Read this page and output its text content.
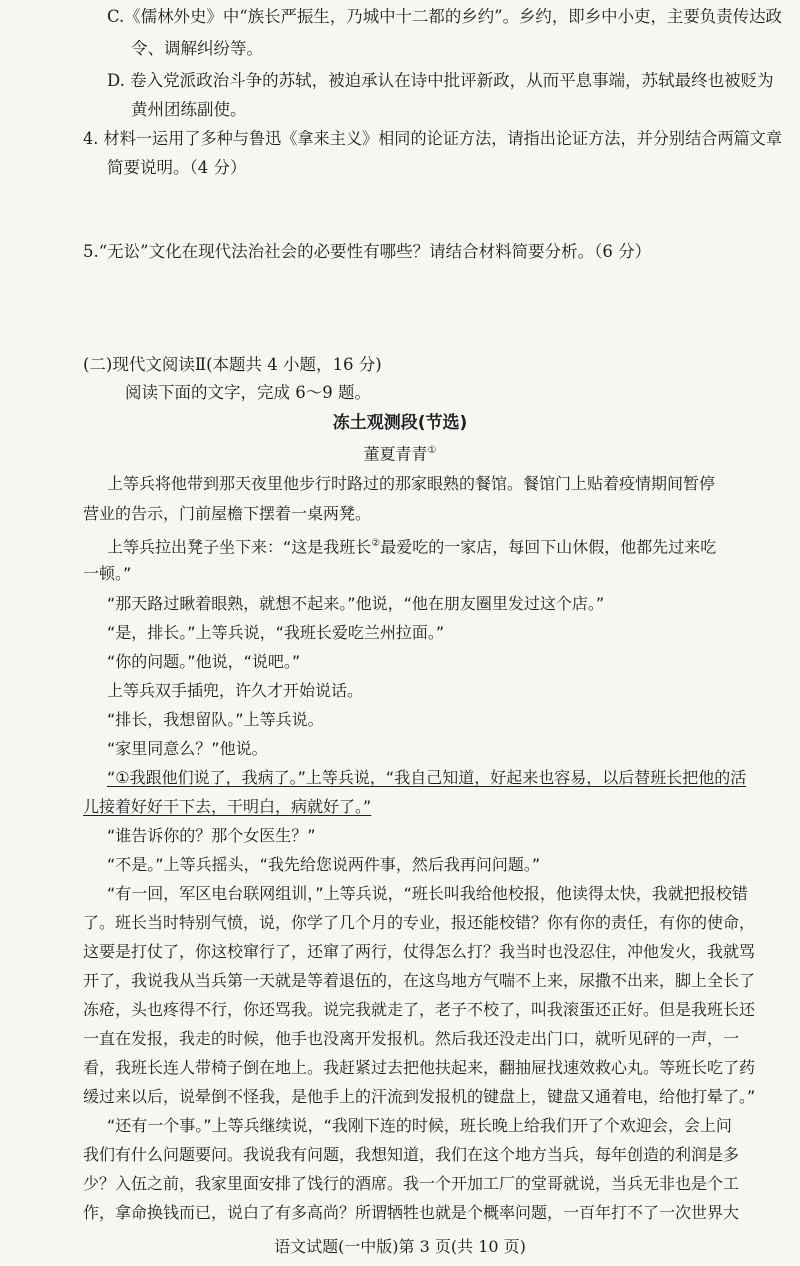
C.《儒林外史》中“族长严振生，乃城中十二都的乡约”。乡约，即乡中小吏，主要负责传达政
令、调解纠纷等。
D. 卷入党派政治斗争的苏轼，被迫承认在诗中批评新政，从而平息事端，苏轼最终也被贬为
黄州团练副使。
4. 材料一运用了多种与鲁迅《拿来主义》相同的论证方法，请指出论证方法，并分别结合两篇文章
简要说明。（4 分）
5.“无讼”文化在现代法治社会的必要性有哪些？请结合材料简要分析。（6 分）
(二)现代文阅读Ⅱ(本题共 4 小题，16 分)
阅读下面的文字，完成 6～9 题。
冻土观测段(节选)
董夏青青①
上等兵将他带到那天夜里他步行时路过的那家眼熟的餐馆。餐馆门上贴着疫情期间暂停
营业的告示，门前屋檐下摆着一桌两凳。
上等兵拉出凳子坐下来：“这是我班长②最爱吃的一家店，每回下山休假，他都先过来吃
一顿。”
“那天路过瞅着眼熟，就想不起来。”他说，“他在朋友圈里发过这个店。”
“是，排长。”上等兵说，“我班长爱吃兰州拉面。”
“你的问题。”他说，“说吧。”
上等兵双手插兜，许久才开始说话。
“排长，我想留队。”上等兵说。
“家里同意么？”他说。
“①我跟他们说了，我病了。”上等兵说，“我自己知道，好起来也容易，以后替班长把他的活
儿接着好好干下去，干明白，病就好了。”
“谁告诉你的？那个女医生？”
“不是。”上等兵摇头，“我先给您说两件事，然后我再问问题。”
“有一回，军区电台联网组训，”上等兵说，“班长叫我给他校报，他读得太快，我就把报校错
了。班长当时特别气愤，说，你学了几个月的专业，报还能校错？你有你的责任，有你的使命，
这要是打仗了，你这校窜行了，还窜了两行，仗得怎么打？我当时也没忍住，冲他发火，我就骂
开了，我说我从当兵第一天就是等着退伍的，在这鸟地方气喘不上来，尿撒不出来，脚上全长了
冻疮，头也疼得不行，你还骂我。说完我就走了，老子不校了，叫我滚蛋还正好。但是我班长还
一直在发报，我走的时候，他手也没离开发报机。然后我还没走出门口，就听见砰的一声，一
看，我班长连人带椅子倒在地上。我赶紧过去把他扶起来，翻抽屉找速效救心丸。等班长吃了药
缓过来以后，说晕倒不怪我，是他手上的汗流到发报机的键盘上，键盘又通着电，给他打晕了。”
“还有一个事。”上等兵继续说，“我刚下连的时候，班长晚上给我们开了个欢迎会，会上问
我们有什么问题要问。我说我有问题，我想知道，我们在这个地方当兵，每年创造的利润是多
少？入伍之前，我家里面安排了饯行的酒席。我一个开加工厂的堂哥就说，当兵无非也是个工
作，拿命换钱而已，说白了有多高尚？所谓牺牲也就是个概率问题，一百年打不了一次世界大
语文试题(一中版)第 3 页(共 10 页)
